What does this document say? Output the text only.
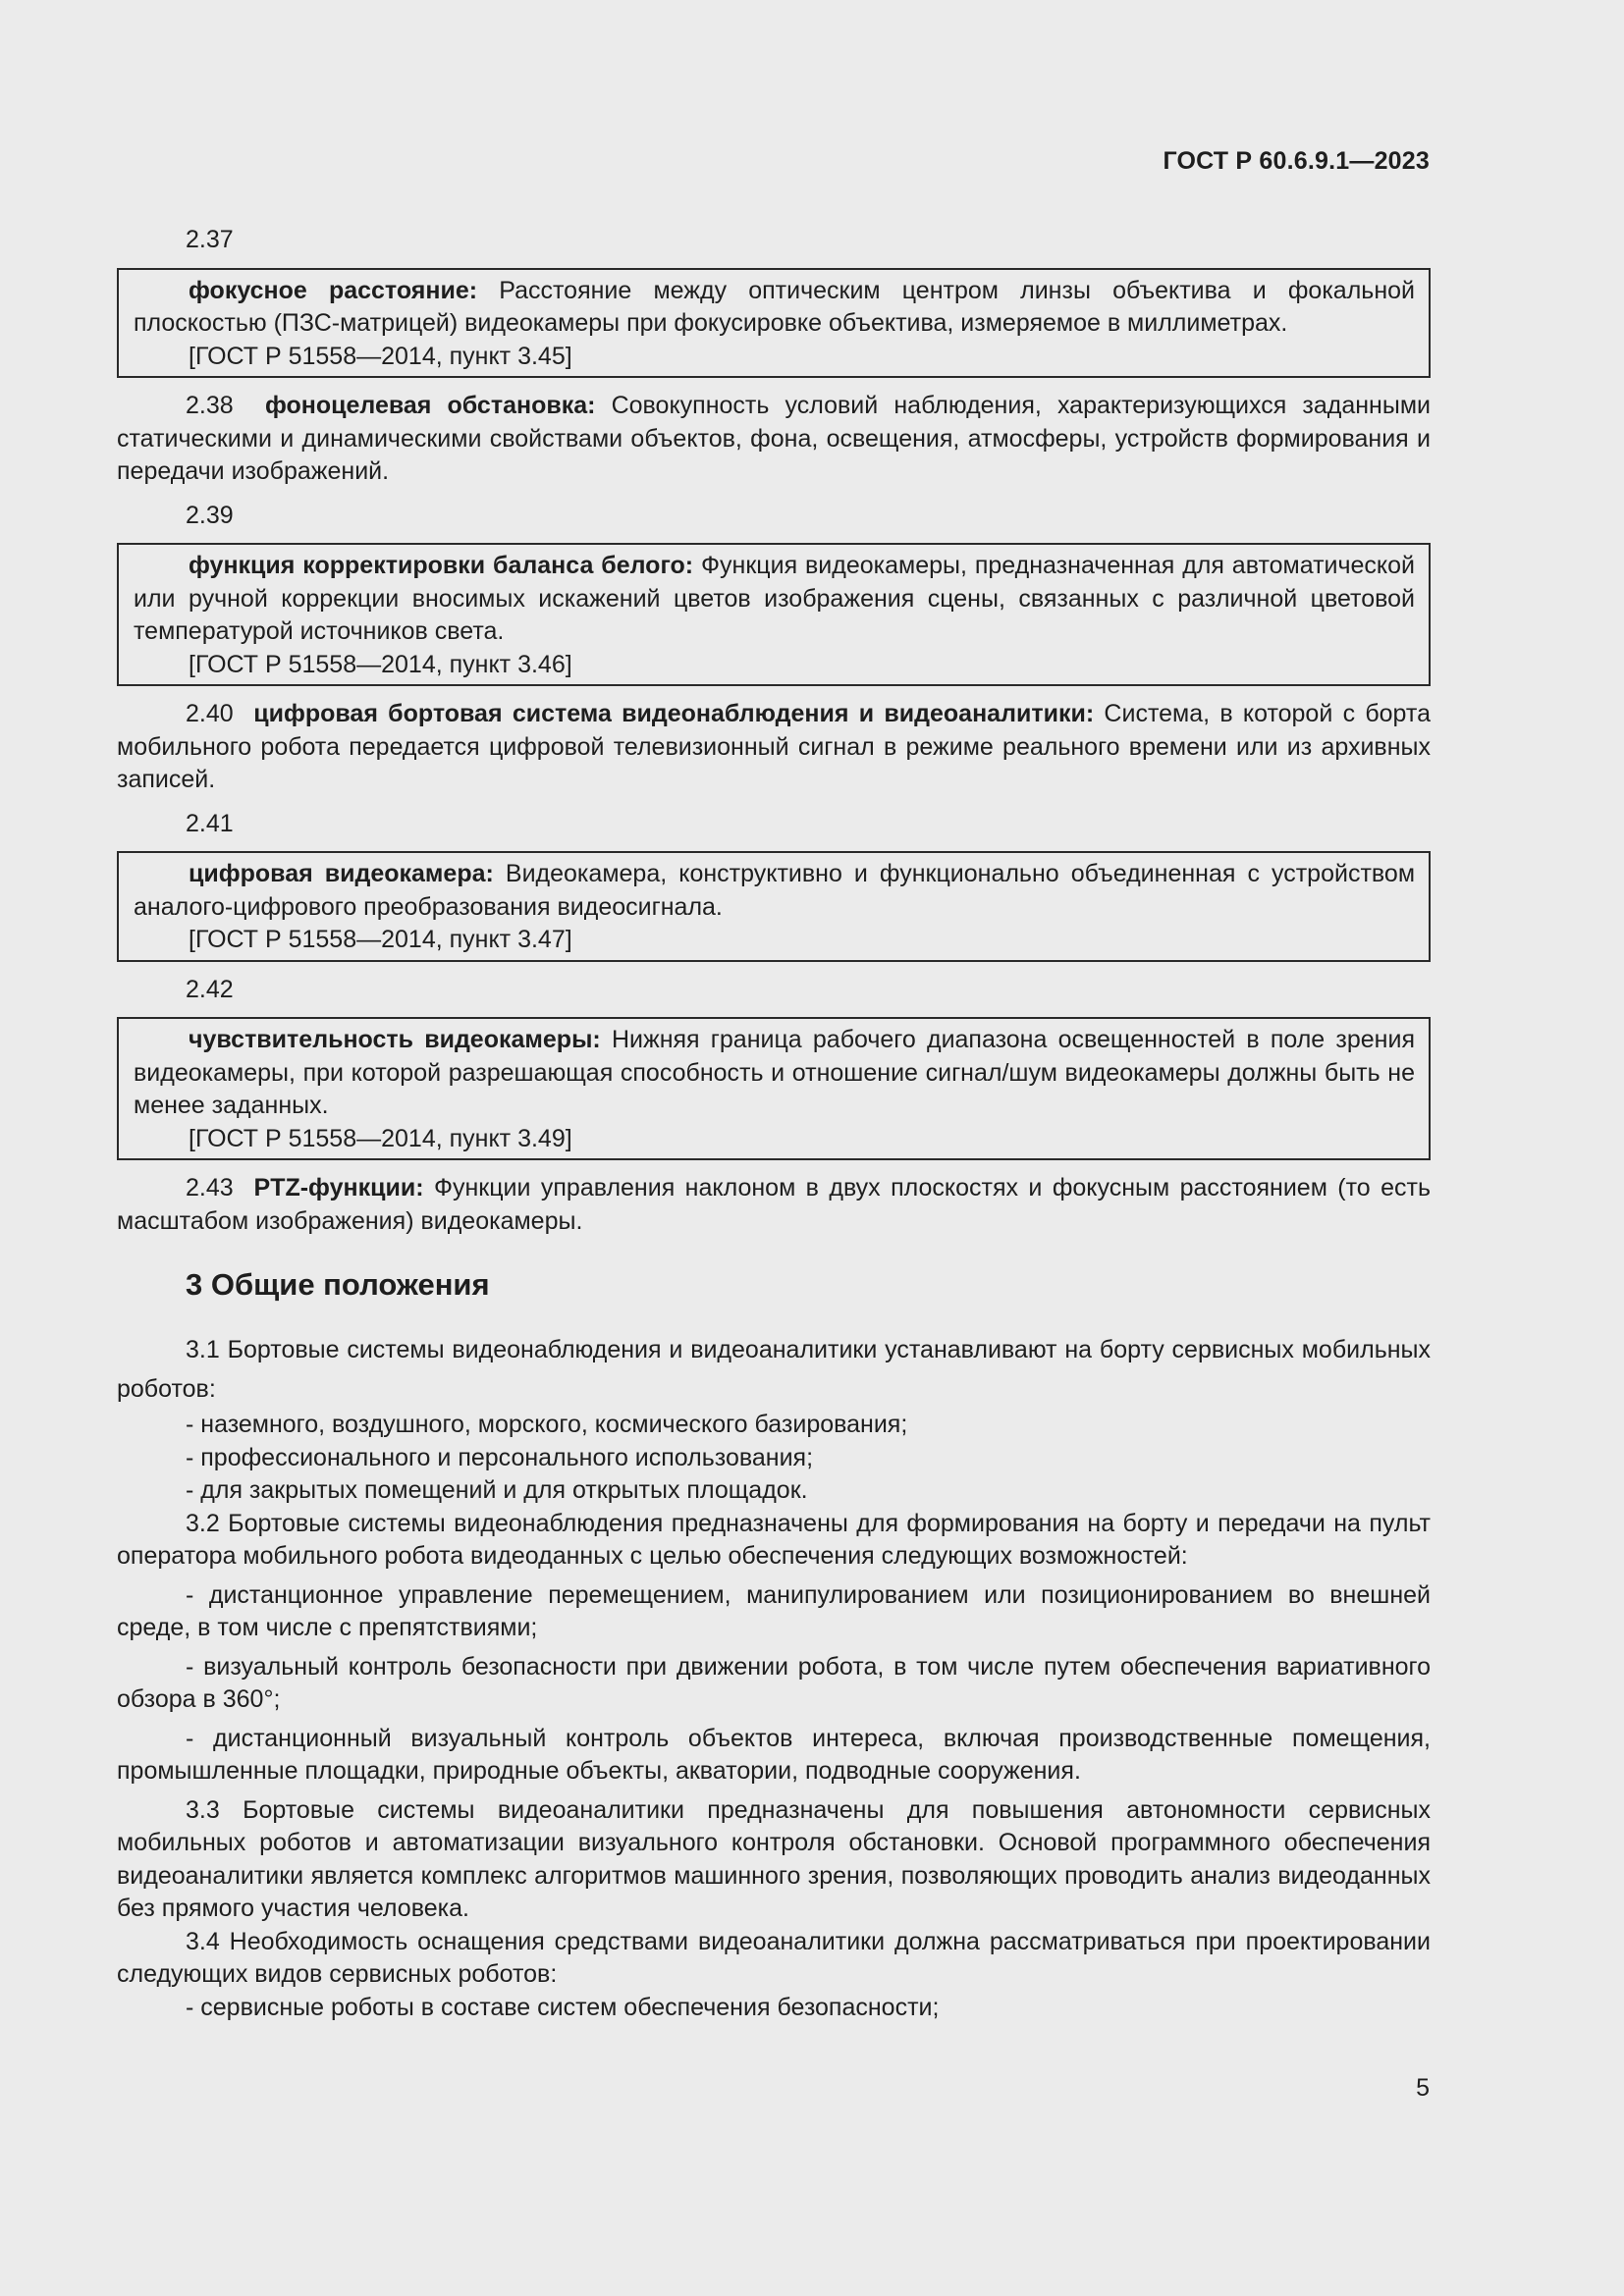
ГОСТ Р 60.6.9.1—2023
2.37

фокусное расстояние: Расстояние между оптическим центром линзы объектива и фокальной плоскостью (ПЗС-матрицей) видеокамеры при фокусировке объектива, измеряемое в миллиметрах.

[ГОСТ Р 51558—2014, пункт 3.45]

2.38 фоноцелевая обстановка: Совокупность условий наблюдения, характеризующихся заданными статическими и динамическими свойствами объектов, фона, освещения, атмосферы, устройств формирования и передачи изображений.

2.39

функция корректировки баланса белого: Функция видеокамеры, предназначенная для автоматической или ручной коррекции вносимых искажений цветов изображения сцены, связанных с различной цветовой температурой источников света.

[ГОСТ Р 51558—2014, пункт 3.46]

2.40 цифровая бортовая система видеонаблюдения и видеоаналитики: Система, в которой с борта мобильного робота передается цифровой телевизионный сигнал в режиме реального времени или из архивных записей.

2.41

цифровая видеокамера: Видеокамера, конструктивно и функционально объединенная с устройством аналого-цифрового преобразования видеосигнала.

[ГОСТ Р 51558—2014, пункт 3.47]

2.42

чувствительность видеокамеры: Нижняя граница рабочего диапазона освещенностей в поле зрения видеокамеры, при которой разрешающая способность и отношение сигнал/шум видеокамеры должны быть не менее заданных.

[ГОСТ Р 51558—2014, пункт 3.49]

2.43 PTZ-функции: Функции управления наклоном в двух плоскостях и фокусным расстоянием (то есть масштабом изображения) видеокамеры.

3 Общие положения

3.1 Бортовые системы видеонаблюдения и видеоаналитики устанавливают на борту сервисных мобильных роботов:

- наземного, воздушного, морского, космического базирования;

- профессионального и персонального использования;

- для закрытых помещений и для открытых площадок.

3.2 Бортовые системы видеонаблюдения предназначены для формирования на борту и передачи на пульт оператора мобильного робота видеоданных с целью обеспечения следующих возможностей:

- дистанционное управление перемещением, манипулированием или позиционированием во внешней среде, в том числе с препятствиями;

- визуальный контроль безопасности при движении робота, в том числе путем обеспечения вариативного обзора в 360°;

- дистанционный визуальный контроль объектов интереса, включая производственные помещения, промышленные площадки, природные объекты, акватории, подводные сооружения.

3.3 Бортовые системы видеоаналитики предназначены для повышения автономности сервисных мобильных роботов и автоматизации визуального контроля обстановки. Основой программного обеспечения видеоаналитики является комплекс алгоритмов машинного зрения, позволяющих проводить анализ видеоданных без прямого участия человека.

3.4 Необходимость оснащения средствами видеоаналитики должна рассматриваться при проектировании следующих видов сервисных роботов:

- сервисные роботы в составе систем обеспечения безопасности;

5
